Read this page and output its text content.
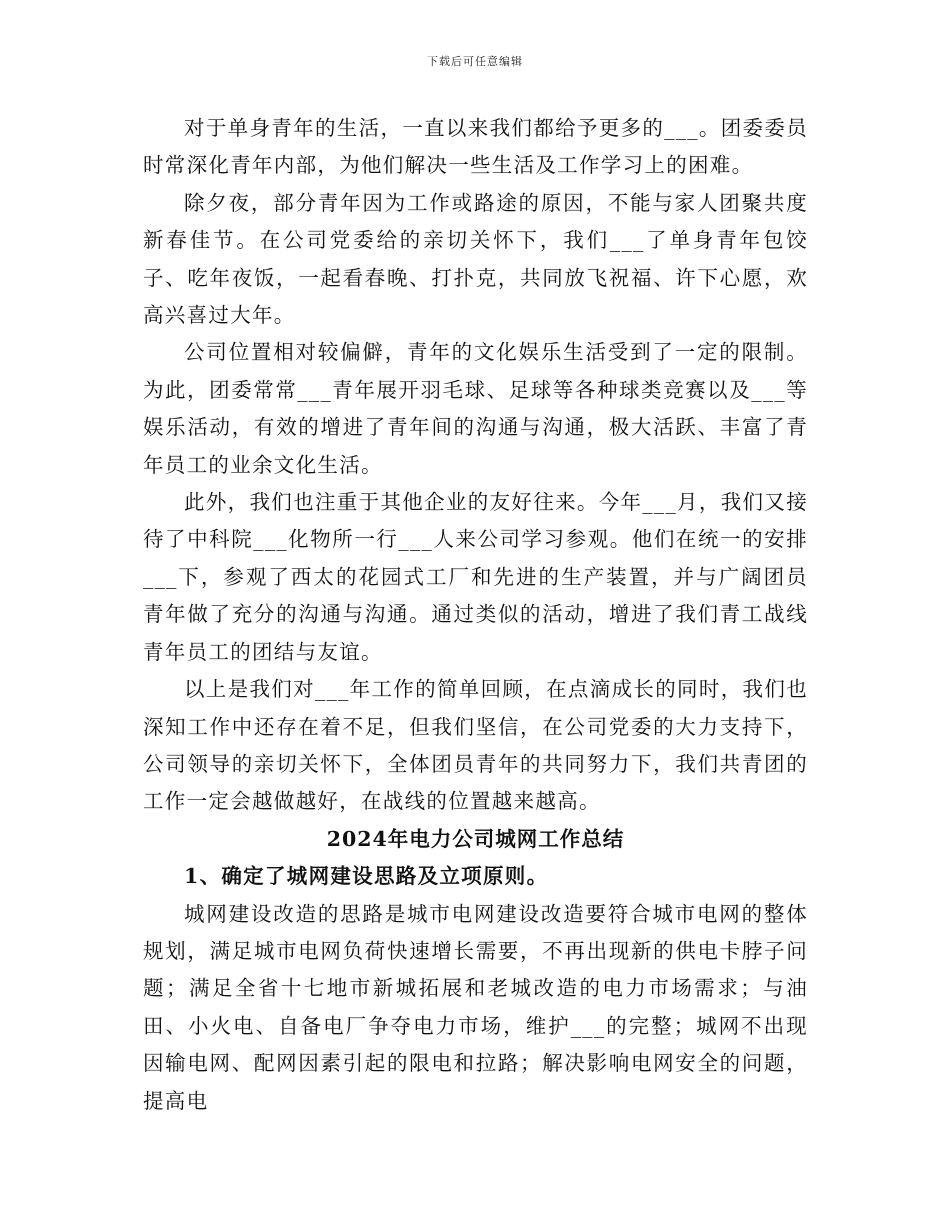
下载后可任意编辑

对于单身青年的生活，一直以来我们都给予更多的___。团委委员时常深化青年内部，为他们解决一些生活及工作学习上的困难。

除夕夜，部分青年因为工作或路途的原因，不能与家人团聚共度新春佳节。在公司党委给的亲切关怀下，我们___了单身青年包饺子、吃年夜饭，一起看春晚、打扑克，共同放飞祝福、许下心愿，欢高兴喜过大年。

公司位置相对较偏僻，青年的文化娱乐生活受到了一定的限制。为此，团委常常___青年展开羽毛球、足球等各种球类竞赛以及___等娱乐活动，有效的增进了青年间的沟通与沟通，极大活跃、丰富了青年员工的业余文化生活。

此外，我们也注重于其他企业的友好往来。今年___月，我们又接待了中科院___化物所一行___人来公司学习参观。他们在统一的安排___下，参观了西太的花园式工厂和先进的生产装置，并与广阔团员青年做了充分的沟通与沟通。通过类似的活动，增进了我们青工战线青年员工的团结与友谊。

以上是我们对___年工作的简单回顾，在点滴成长的同时，我们也深知工作中还存在着不足，但我们坚信，在公司党委的大力支持下，公司领导的亲切关怀下，全体团员青年的共同努力下，我们共青团的工作一定会越做越好，在战线的位置越来越高。

2024年电力公司城网工作总结
1、确定了城网建设思路及立项原则。

城网建设改造的思路是城市电网建设改造要符合城市电网的整体规划，满足城市电网负荷快速增长需要，不再出现新的供电卡脖子问题；满足全省十七地市新城拓展和老城改造的电力市场需求；与油田、小火电、自备电厂争夺电力市场，维护___的完整；城网不出现因输电网、配网因素引起的限电和拉路；解决影响电网安全的问题，提高电
